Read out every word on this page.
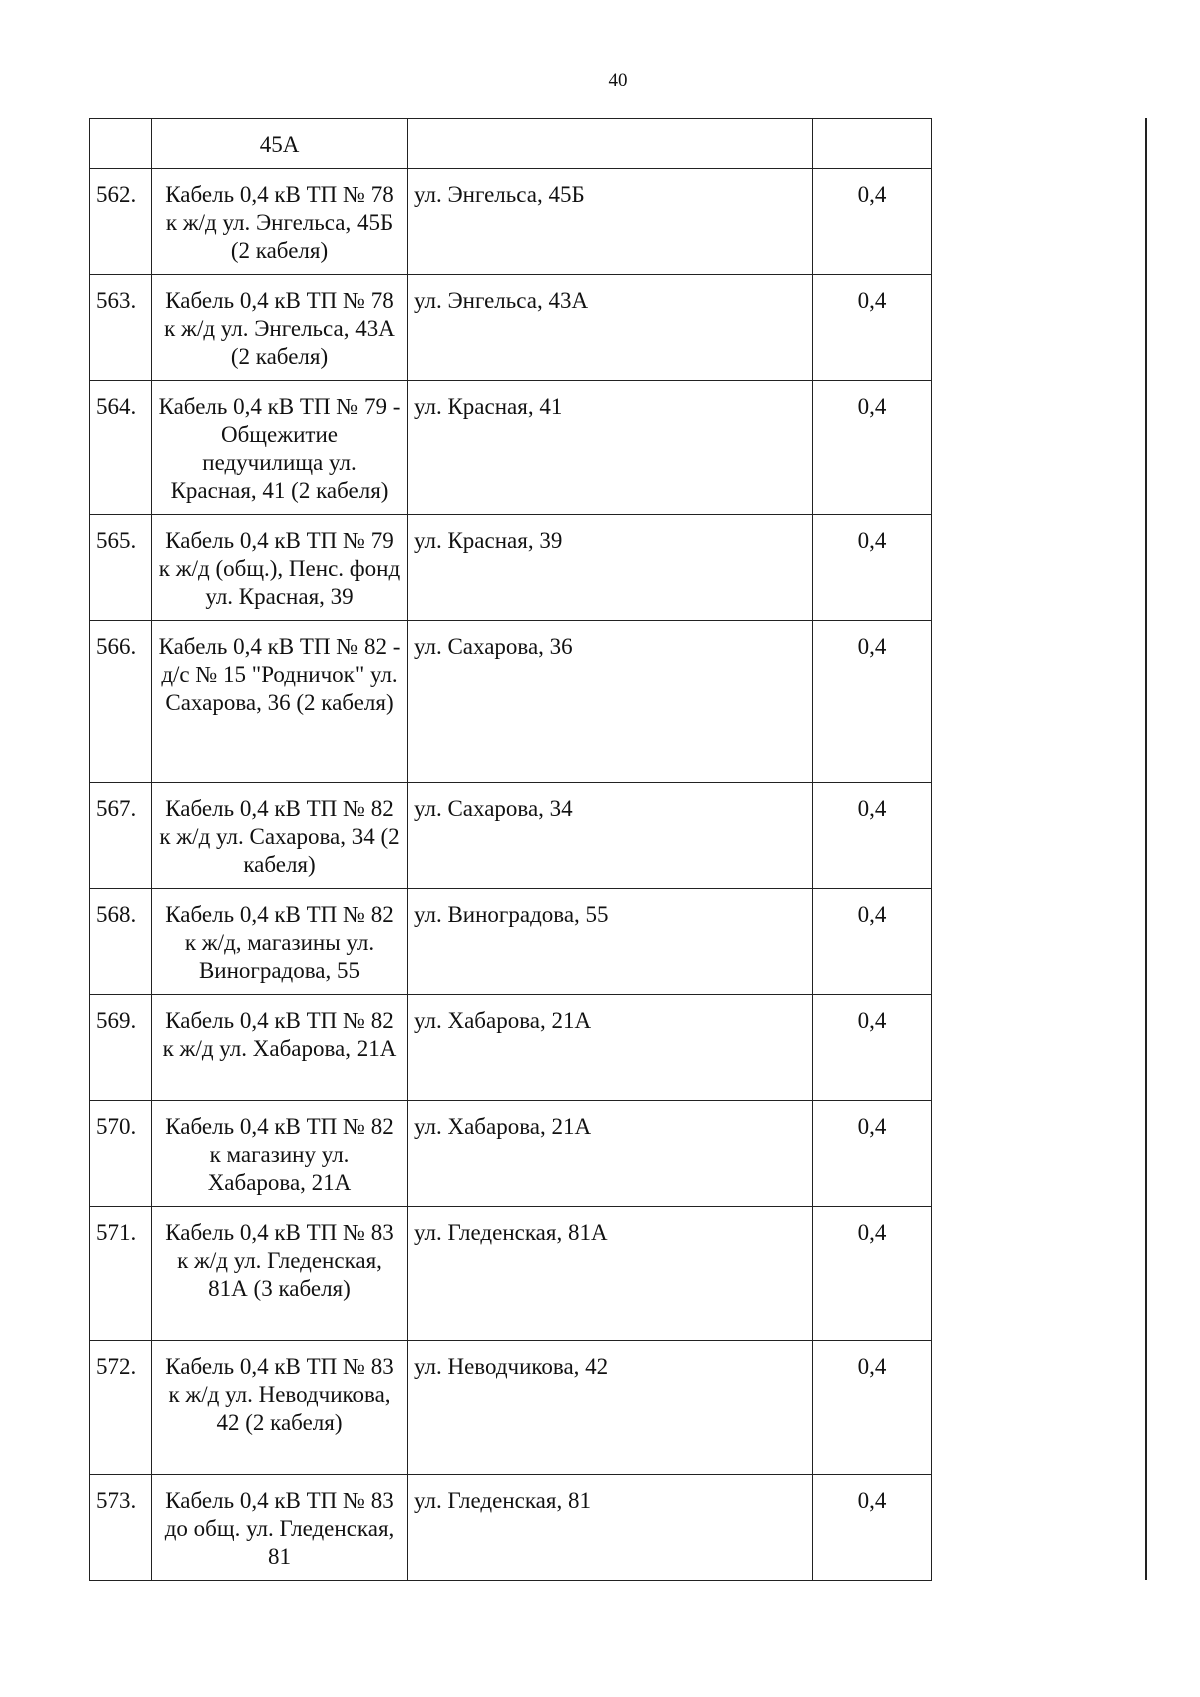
40
	45А		
562.	Кабель 0,4 кВ ТП № 78 к ж/д ул. Энгельса, 45Б (2 кабеля)	ул. Энгельса, 45Б	0,4
563.	Кабель 0,4 кВ ТП № 78 к ж/д ул. Энгельса, 43А (2 кабеля)	ул. Энгельса, 43А	0,4
564.	Кабель 0,4 кВ ТП № 79 - Общежитие педучилища ул. Красная, 41 (2 кабеля)	ул. Красная, 41	0,4
565.	Кабель 0,4 кВ ТП № 79 к ж/д (общ.), Пенс. фонд ул. Красная, 39	ул. Красная, 39	0,4
566.	Кабель 0,4 кВ ТП № 82 - д/с № 15 "Родничок" ул. Сахарова, 36 (2 кабеля)	ул. Сахарова, 36	0,4
567.	Кабель 0,4 кВ ТП № 82 к ж/д ул. Сахарова, 34 (2 кабеля)	ул. Сахарова, 34	0,4
568.	Кабель 0,4 кВ ТП № 82 к ж/д, магазины ул. Виноградова, 55	ул. Виноградова, 55	0,4
569.	Кабель 0,4 кВ ТП № 82 к ж/д ул. Хабарова, 21А	ул. Хабарова, 21А	0,4
570.	Кабель 0,4 кВ ТП № 82 к магазину ул. Хабарова, 21А	ул. Хабарова, 21А	0,4
571.	Кабель 0,4 кВ ТП № 83 к ж/д ул. Гледенская, 81А (3 кабеля)	ул. Гледенская, 81А	0,4
572.	Кабель 0,4 кВ ТП № 83 к ж/д ул. Неводчикова, 42 (2 кабеля)	ул. Неводчикова, 42	0,4
573.	Кабель 0,4 кВ ТП № 83 до общ. ул. Гледенская, 81	ул. Гледенская, 81	0,4
